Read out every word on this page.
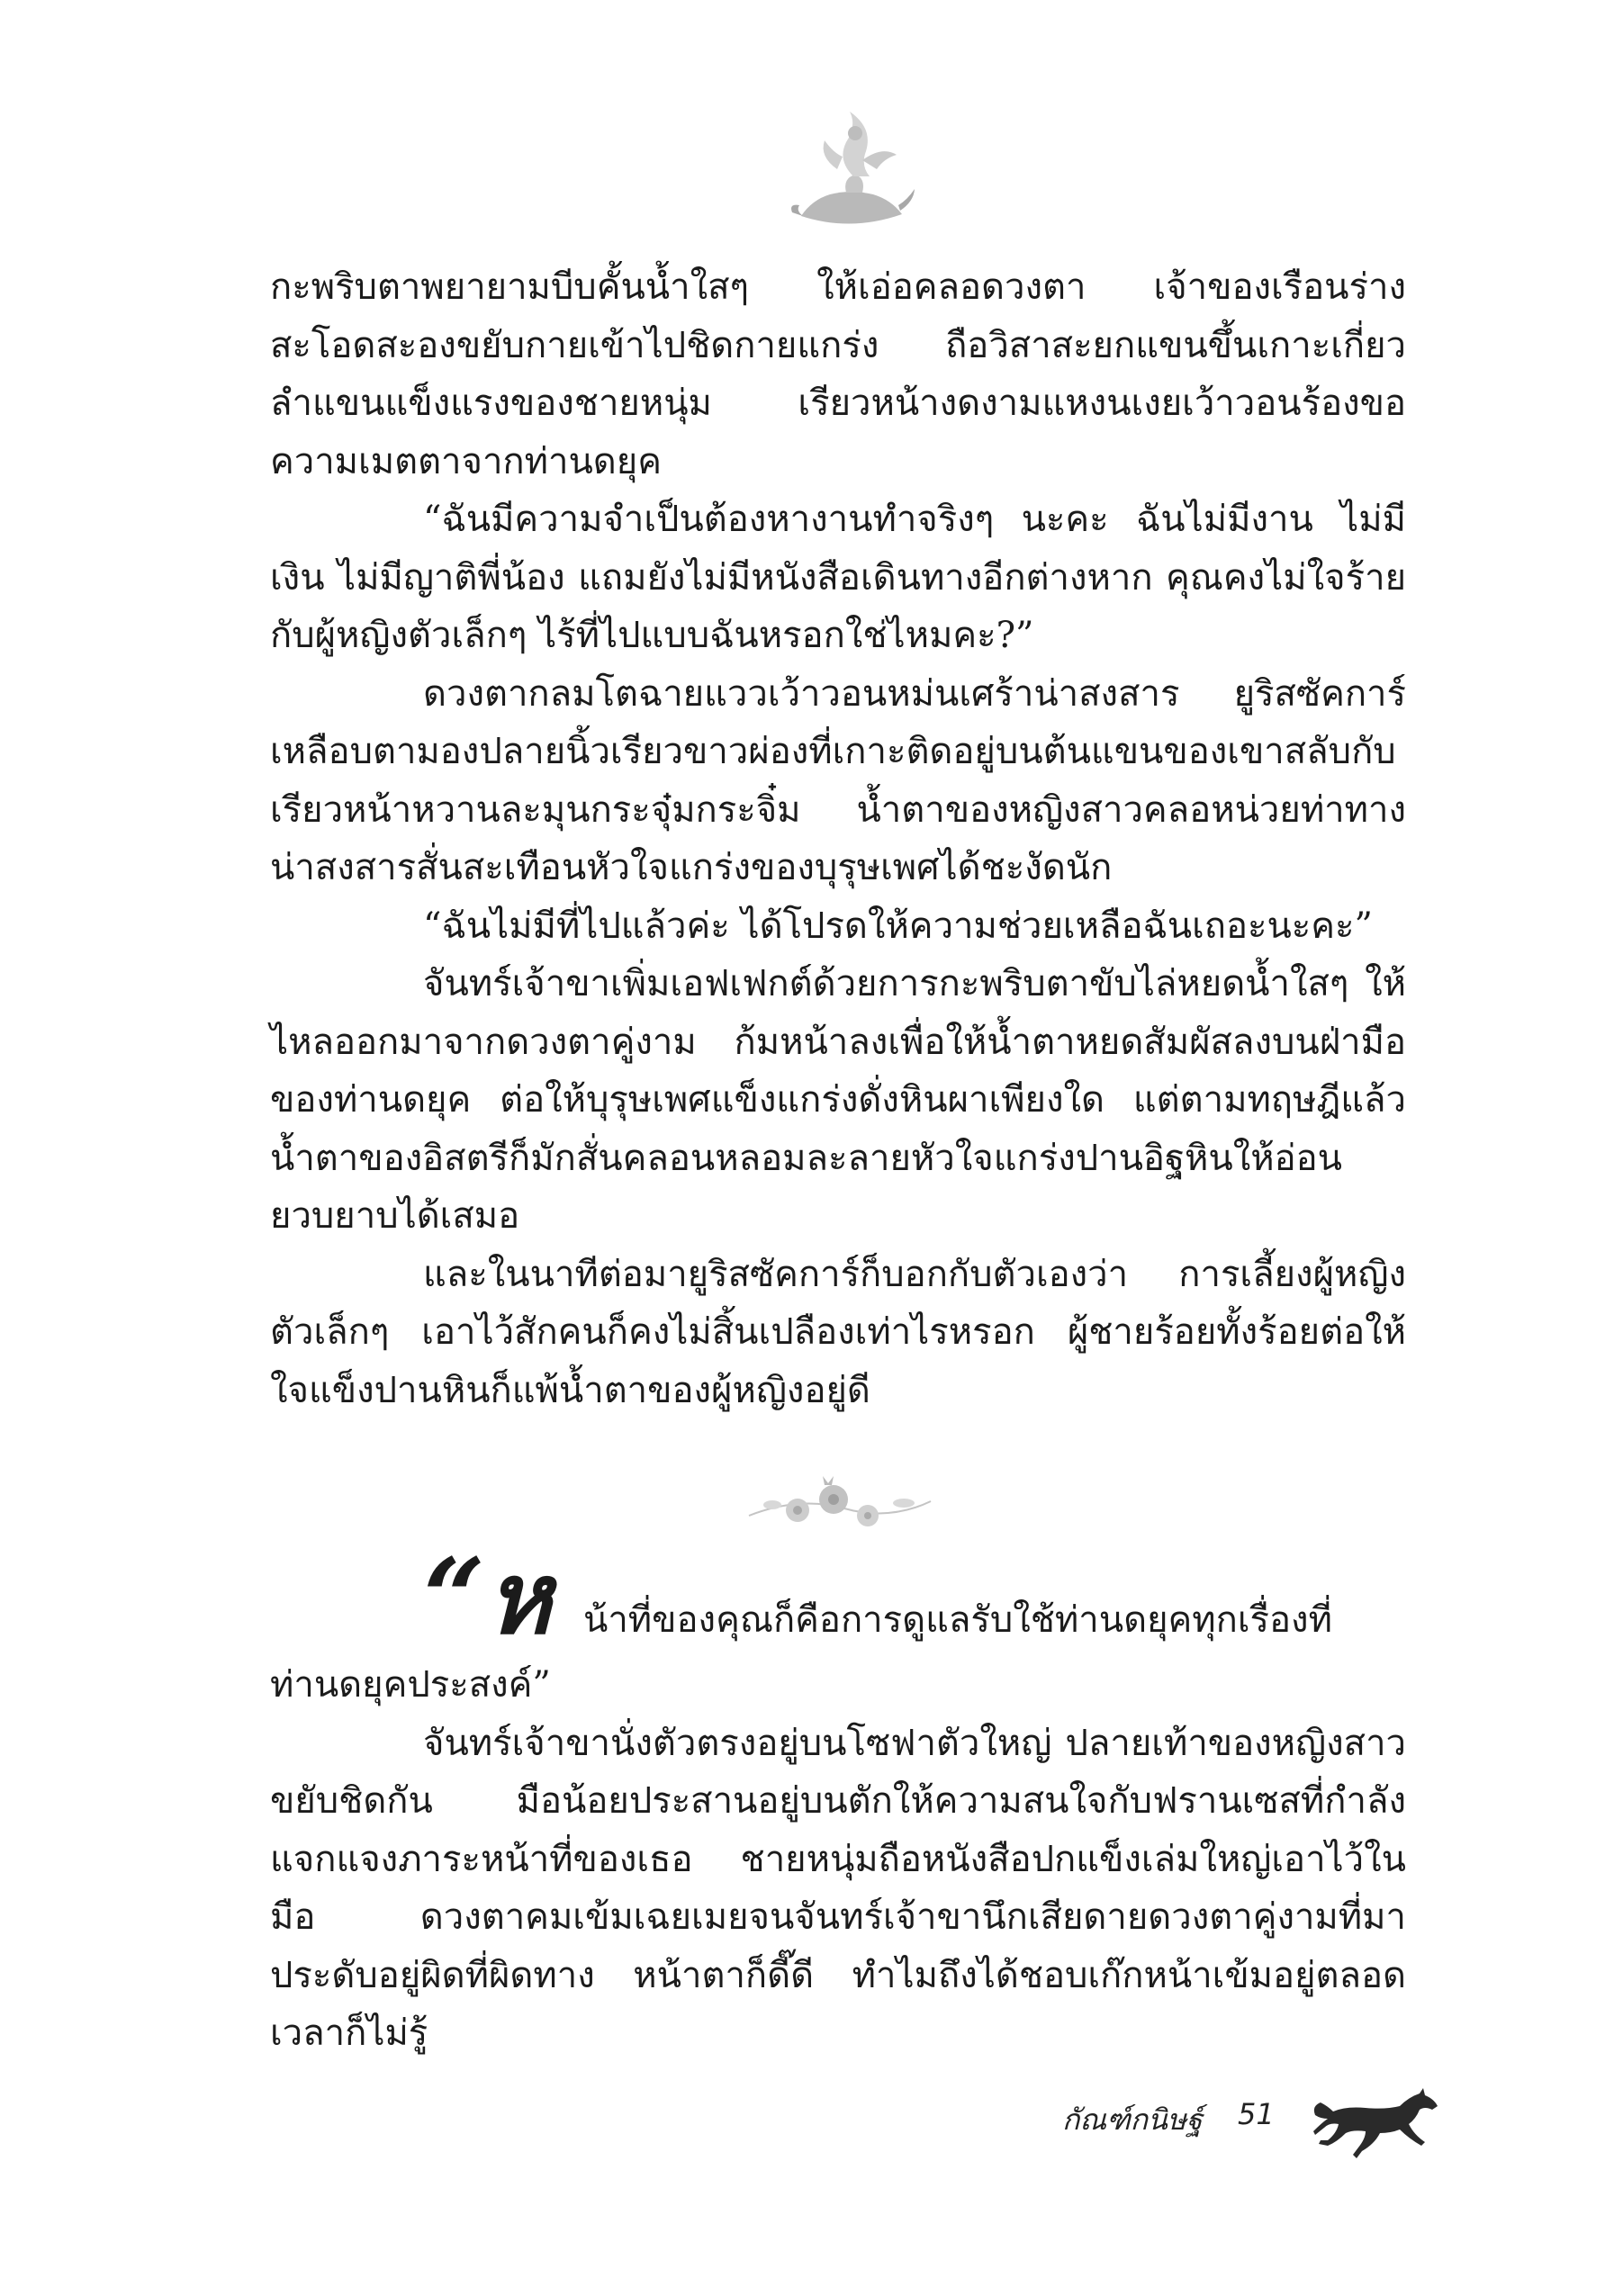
กะพริบตาพยายามบีบคั้นน้ำใสๆ ให้เอ่อคลอดวงตา เจ้าของเรือนร่างสะโอดสะองขยับกายเข้าไปชิดกายแกร่ง ถือวิสาสะยกแขนขึ้นเกาะเกี่ยวลำแขนแข็งแรงของชายหนุ่ม เรียวหน้างดงามแหงนเงยเว้าวอนร้องขอความเมตตาจากท่านดยุค

“ฉันมีความจำเป็นต้องหางานทำจริงๆ นะคะ ฉันไม่มีงาน ไม่มีเงิน ไม่มีญาติพี่น้อง แถมยังไม่มีหนังสือเดินทางอีกต่างหาก คุณคงไม่ใจร้ายกับผู้หญิงตัวเล็กๆ ไร้ที่ไปแบบฉันหรอกใช่ไหมคะ?”

ดวงตากลมโตฉายแววเว้าวอนหม่นเศร้าน่าสงสาร ยูริสซัคการ์เหลือบตามองปลายนิ้วเรียวขาวผ่องที่เกาะติดอยู่บนต้นแขนของเขาสลับกับเรียวหน้าหวานละมุนกระจุ๋มกระจิ๋ม น้ำตาของหญิงสาวคลอหน่วยท่าทางน่าสงสารสั่นสะเทือนหัวใจแกร่งของบุรุษเพศได้ชะงัดนัก

“ฉันไม่มีที่ไปแล้วค่ะ ได้โปรดให้ความช่วยเหลือฉันเถอะนะคะ”

จันทร์เจ้าขาเพิ่มเอฟเฟกต์ด้วยการกะพริบตาขับไล่หยดน้ำใสๆ ให้ไหลออกมาจากดวงตาคู่งาม ก้มหน้าลงเพื่อให้น้ำตาหยดสัมผัสลงบนฝ่ามือของท่านดยุค ต่อให้บุรุษเพศแข็งแกร่งดั่งหินผาเพียงใด แต่ตามทฤษฎีแล้วน้ำตาของอิสตรีก็มักสั่นคลอนหลอมละลายหัวใจแกร่งปานอิฐหินให้อ่อนยวบยาบได้เสมอ

และในนาทีต่อมายูริสซัคการ์ก็บอกกับตัวเองว่า การเลี้ยงผู้หญิงตัวเล็กๆ เอาไว้สักคนก็คงไม่สิ้นเปลืองเท่าไรหรอก ผู้ชายร้อยทั้งร้อยต่อให้ใจแข็งปานหินก็แพ้น้ำตาของผู้หญิงอยู่ดี

“ ห น้าที่ของคุณก็คือการดูแลรับใช้ท่านดยุคทุกเรื่องที่

ท่านดยุคประสงค์”

จันทร์เจ้าขานั่งตัวตรงอยู่บนโซฟาตัวใหญ่ ปลายเท้าของหญิงสาวขยับชิดกัน มือน้อยประสานอยู่บนตักให้ความสนใจกับฟรานเซสที่กำลังแจกแจงภาระหน้าที่ของเธอ ชายหนุ่มถือหนังสือปกแข็งเล่มใหญ่เอาไว้ในมือ ดวงตาคมเข้มเฉยเมยจนจันทร์เจ้าขานึกเสียดายดวงตาคู่งามที่มาประดับอยู่ผิดที่ผิดทาง หน้าตาก็ดี๊ดี ทำไมถึงได้ชอบเก๊กหน้าเข้มอยู่ตลอดเวลาก็ไม่รู้

กัณฑ์กนิษฐ์ 51
